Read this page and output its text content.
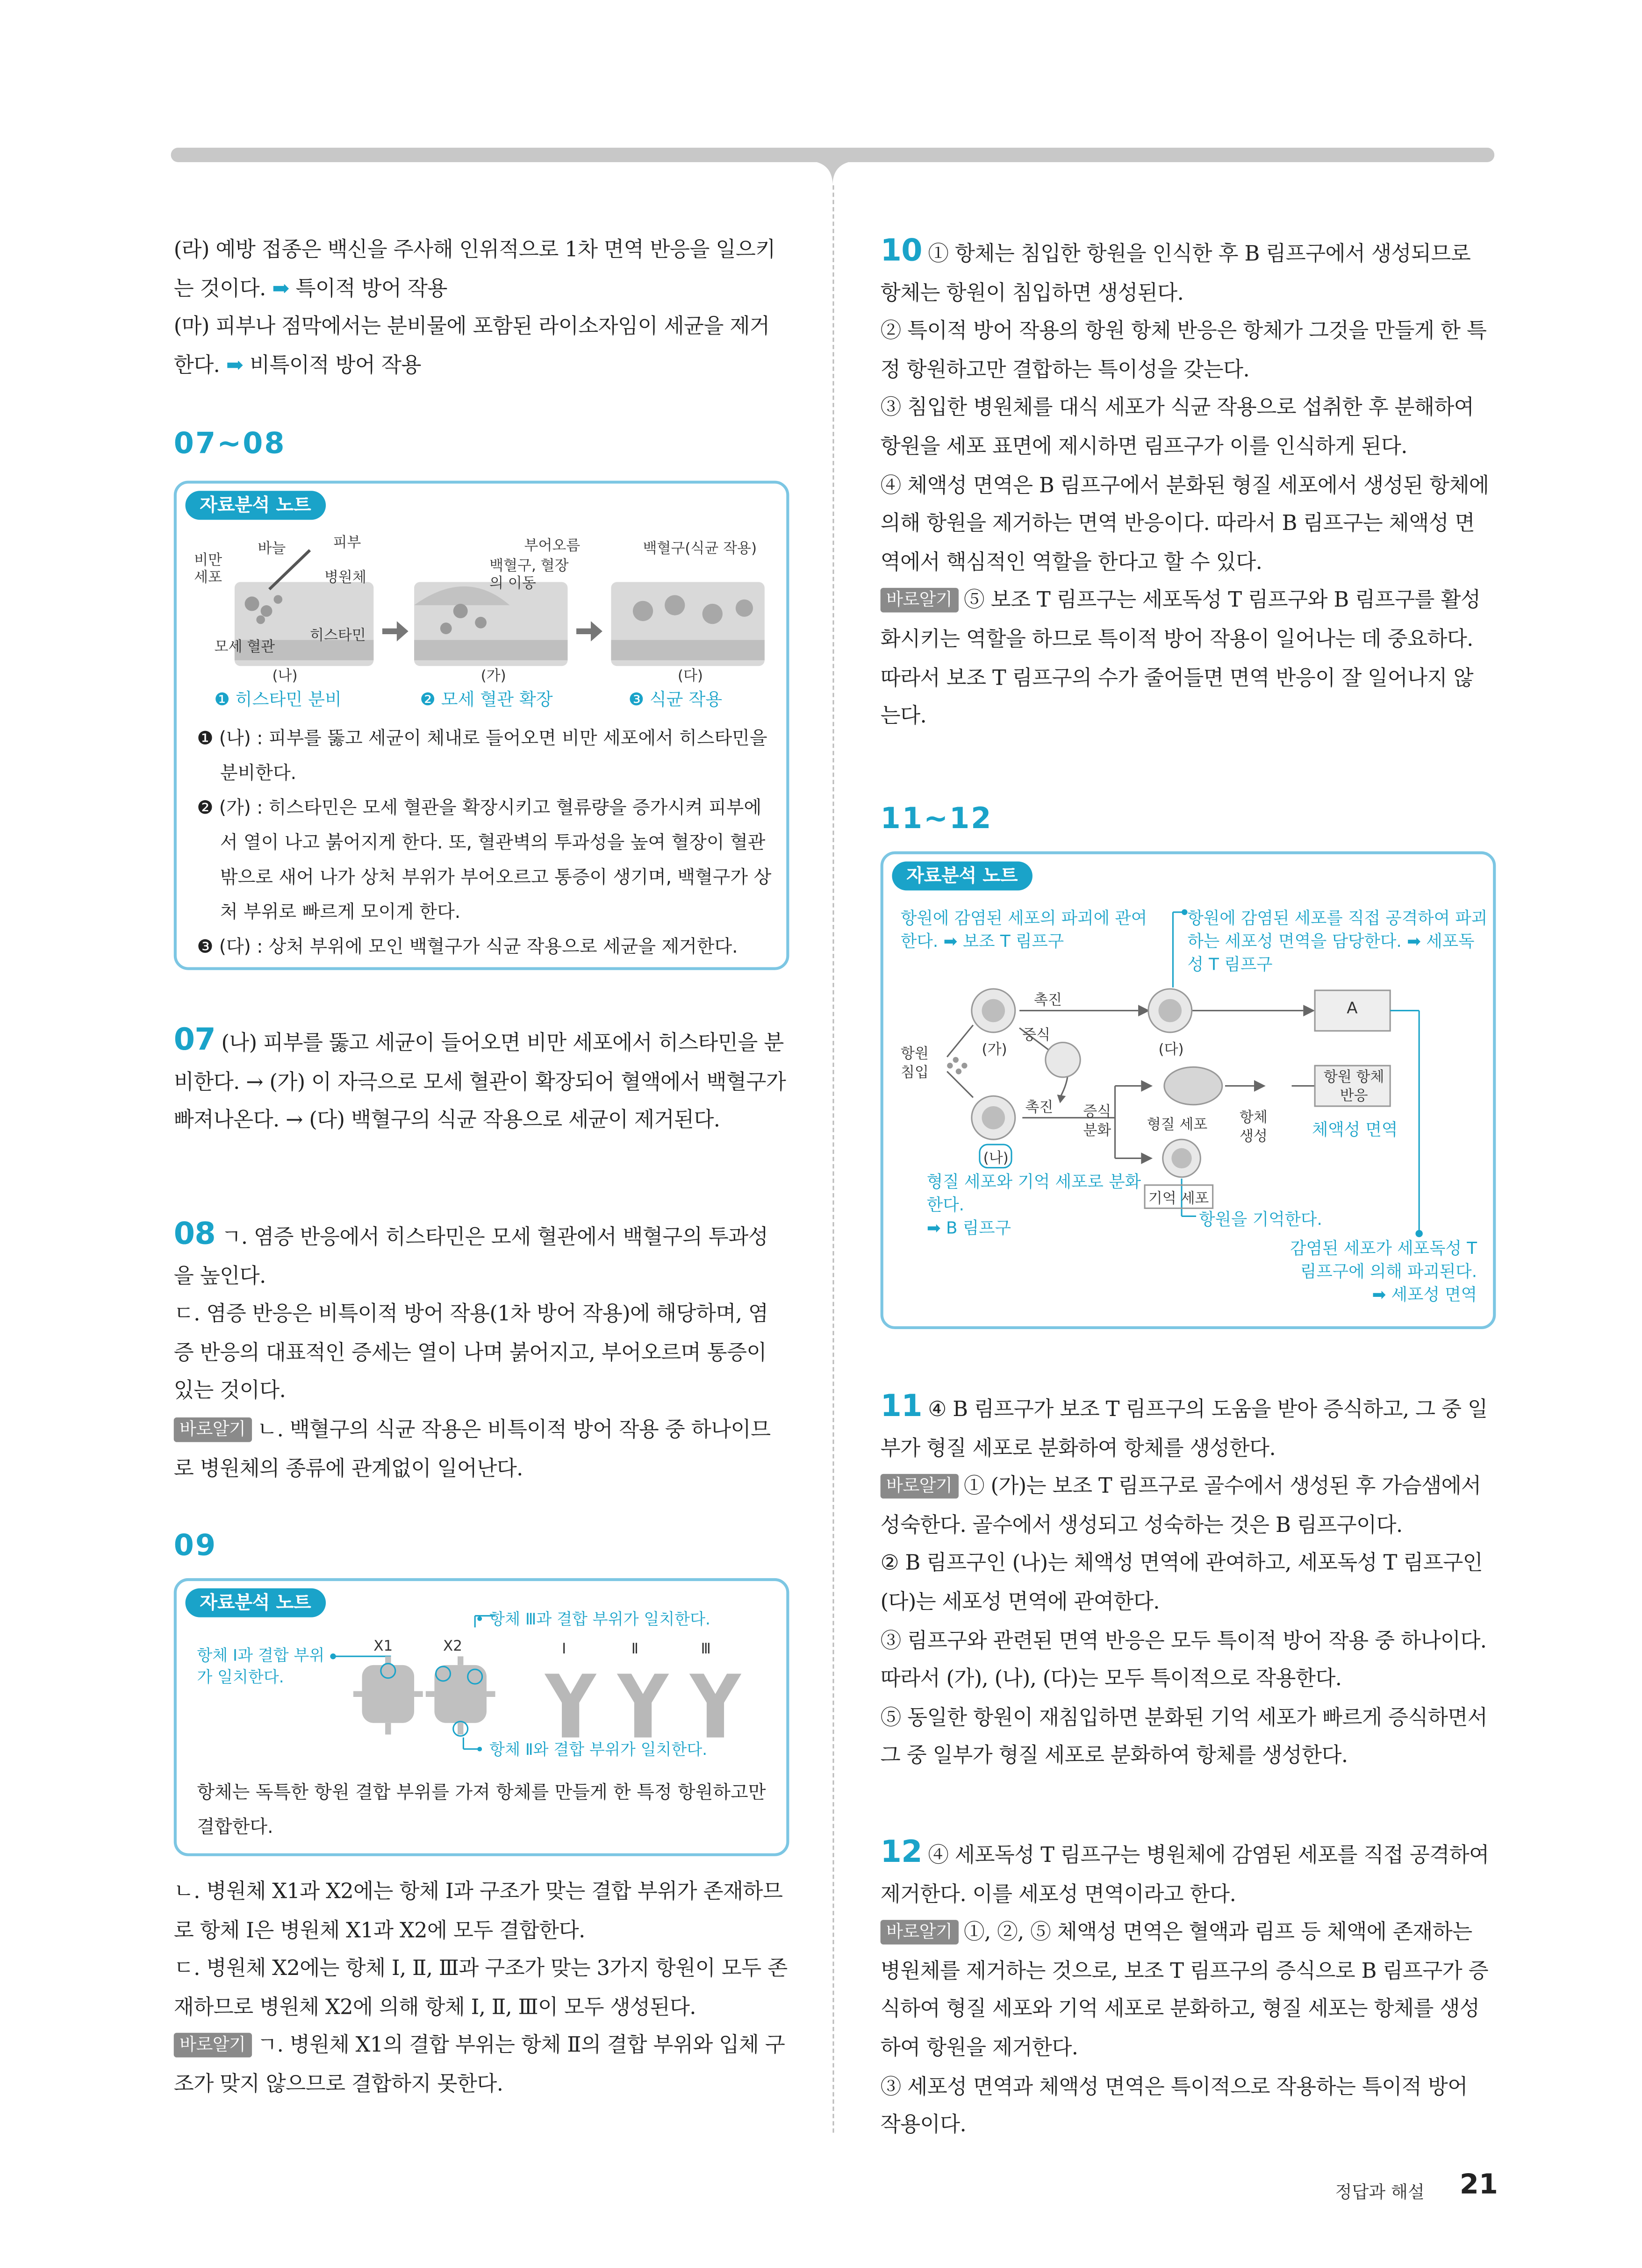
(라) 예방 접종은 백신을 주사해 인위적으로 1차 면역 반응을 일으키는 것이다. ➡ 특이적 방어 작용

(마) 피부나 점막에서는 분비물에 포함된 라이소자임이 세균을 제거한다. ➡ 비특이적 방어 작용

07~08
자료분석 노트
바늘	피부
비만 세포	병원체
히스타민
모세 혈관
부어오름
백혈구, 혈장의 이동
백혈구(식균 작용)
(나)	(가)	(다)
❶ 히스타민 분비	❷ 모세 혈관 확장	❸ 식균 작용
❶ (나) : 피부를 뚫고 세균이 체내로 들어오면 비만 세포에서 히스타민을 분비한다.
❷ (가) : 히스타민은 모세 혈관을 확장시키고 혈류량을 증가시켜 피부에서 열이 나고 붉어지게 한다. 또, 혈관벽의 투과성을 높여 혈장이 혈관 밖으로 새어 나가 상처 부위가 부어오르고 통증이 생기며, 백혈구가 상처 부위로 빠르게 모이게 한다.
❸ (다) : 상처 부위에 모인 백혈구가 식균 작용으로 세균을 제거한다.

07 (나) 피부를 뚫고 세균이 들어오면 비만 세포에서 히스타민을 분비한다. → (가) 이 자극으로 모세 혈관이 확장되어 혈액에서 백혈구가 빠져나온다. → (다) 백혈구의 식균 작용으로 세균이 제거된다.

08 ㄱ. 염증 반응에서 히스타민은 모세 혈관에서 백혈구의 투과성을 높인다.

ㄷ. 염증 반응은 비특이적 방어 작용(1차 방어 작용)에 해당하며, 염증 반응의 대표적인 증세는 열이 나며 붉어지고, 부어오르며 통증이 있는 것이다.

바로알기 ㄴ. 백혈구의 식균 작용은 비특이적 방어 작용 중 하나이므로 병원체의 종류에 관계없이 일어난다.

09
자료분석 노트
• 항체 Ⅲ과 결합 부위가 일치한다.
항체 Ⅰ과 결합 부위가 일치한다.
• 항체 Ⅱ와 결합 부위가 일치한다.
X1	X2	Ⅰ	Ⅱ	Ⅲ
항체는 독특한 항원 결합 부위를 가져 항체를 만들게 한 특정 항원하고만 결합한다.

ㄴ. 병원체 X1과 X2에는 항체 Ⅰ과 구조가 맞는 결합 부위가 존재하므로 항체 Ⅰ은 병원체 X1과 X2에 모두 결합한다.

ㄷ. 병원체 X2에는 항체 Ⅰ, Ⅱ, Ⅲ과 구조가 맞는 3가지 항원이 모두 존재하므로 병원체 X2에 의해 항체 Ⅰ, Ⅱ, Ⅲ이 모두 생성된다.

바로알기 ㄱ. 병원체 X1의 결합 부위는 항체 Ⅱ의 결합 부위와 입체 구조가 맞지 않으므로 결합하지 못한다.

10 ① 항체는 침입한 항원을 인식한 후 B 림프구에서 생성되므로 항체는 항원이 침입하면 생성된다.

② 특이적 방어 작용의 항원 항체 반응은 항체가 그것을 만들게 한 특정 항원하고만 결합하는 특이성을 갖는다.

③ 침입한 병원체를 대식 세포가 식균 작용으로 섭취한 후 분해하여 항원을 세포 표면에 제시하면 림프구가 이를 인식하게 된다.

④ 체액성 면역은 B 림프구에서 분화된 형질 세포에서 생성된 항체에 의해 항원을 제거하는 면역 반응이다. 따라서 B 림프구는 체액성 면역에서 핵심적인 역할을 한다고 할 수 있다.

바로알기 ⑤ 보조 T 림프구는 세포독성 T 림프구와 B 림프구를 활성화시키는 역할을 하므로 특이적 방어 작용이 일어나는 데 중요하다. 따라서 보조 T 림프구의 수가 줄어들면 면역 반응이 잘 일어나지 않는다.

11~12
자료분석 노트
항원에 감염된 세포의 파괴에 관여한다. ➡ 보조 T 림프구
항원에 감염된 세포를 직접 공격하여 파괴하는 세포성 면역을 담당한다. ➡ 세포독성 T 림프구
촉진
증식
촉진	증식 분화
A
(가)	(다)
(나)
항원 침입
형질 세포	항체 생성
항원 항체 반응
체액성 면역
기억 세포
형질 세포와 기억 세포로 분화한다.
➡ B 림프구	항원을 기억한다.
감염된 세포가 세포독성 T 림프구에 의해 파괴된다. ➡ 세포성 면역

11 ④ B 림프구가 보조 T 림프구의 도움을 받아 증식하고, 그 중 일부가 형질 세포로 분화하여 항체를 생성한다.

바로알기 ① (가)는 보조 T 림프구로 골수에서 생성된 후 가슴샘에서 성숙한다. 골수에서 생성되고 성숙하는 것은 B 림프구이다.

② B 림프구인 (나)는 체액성 면역에 관여하고, 세포독성 T 림프구인 (다)는 세포성 면역에 관여한다.

③ 림프구와 관련된 면역 반응은 모두 특이적 방어 작용 중 하나이다. 따라서 (가), (나), (다)는 모두 특이적으로 작용한다.

⑤ 동일한 항원이 재침입하면 분화된 기억 세포가 빠르게 증식하면서 그 중 일부가 형질 세포로 분화하여 항체를 생성한다.

12 ④ 세포독성 T 림프구는 병원체에 감염된 세포를 직접 공격하여 제거한다. 이를 세포성 면역이라고 한다.

바로알기 ①, ②, ⑤ 체액성 면역은 혈액과 림프 등 체액에 존재하는 병원체를 제거하는 것으로, 보조 T 림프구의 증식으로 B 림프구가 증식하여 형질 세포와 기억 세포로 분화하고, 형질 세포는 항체를 생성하여 항원을 제거한다.

③ 세포성 면역과 체액성 면역은 특이적으로 작용하는 특이적 방어 작용이다.

정답과 해설	21
